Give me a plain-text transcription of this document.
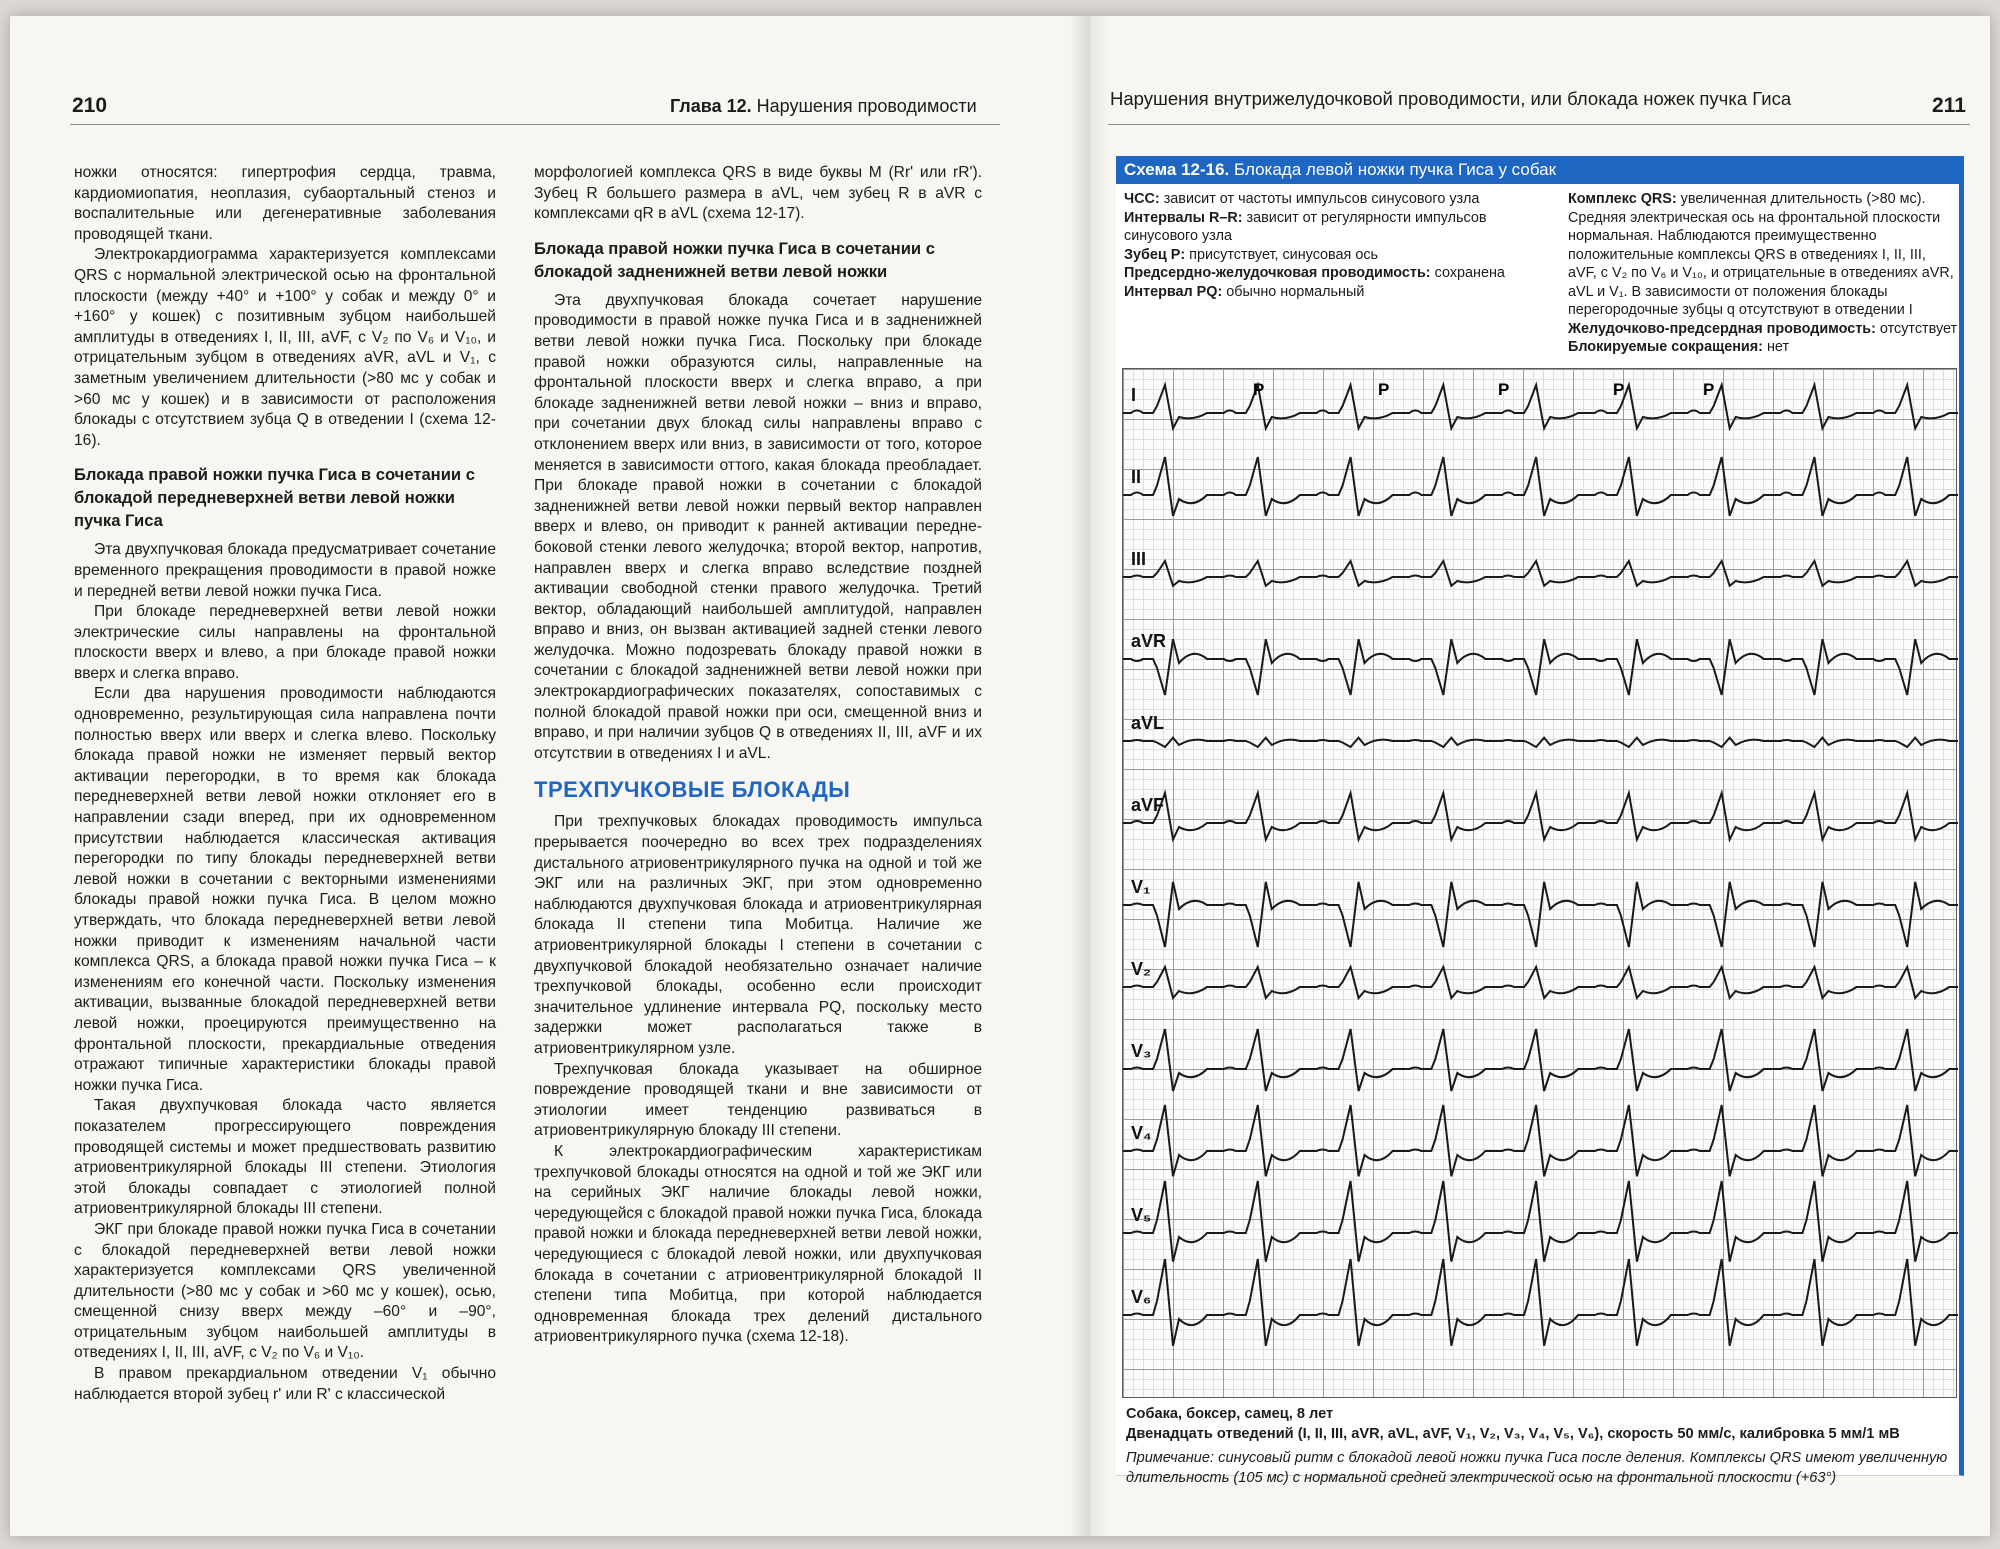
210	Глава 12. Нарушения проводимости

ножки относятся: гипертрофия сердца, травма, кардиомиопатия, неоплазия, субаортальный стеноз и воспалительные или дегенеративные заболевания проводящей ткани.

Электрокардиограмма характеризуется комплексами QRS с нормальной электрической осью на фронтальной плоскости (между +40° и +100° у собак и между 0° и +160° у кошек) с позитивным зубцом наибольшей амплитуды в отведениях I, II, III, aVF, с V₂ по V₆ и V₁₀, и отрицательным зубцом в отведениях aVR, aVL и V₁, с заметным увеличением длительности (>80 мс у собак и >60 мс у кошек) и в зависимости от расположения блокады с отсутствием зубца Q в отведении I (схема 12-16).

Блокада правой ножки пучка Гиса в сочетании с блокадой передневерхней ветви левой ножки пучка Гиса

Эта двухпучковая блокада предусматривает сочетание временного прекращения проводимости в правой ножке и передней ветви левой ножки пучка Гиса.

При блокаде передневерхней ветви левой ножки электрические силы направлены на фронтальной плоскости вверх и влево, а при блокаде правой ножки вверх и слегка вправо.

Если два нарушения проводимости наблюдаются одновременно, результирующая сила направлена почти полностью вверх или вверх и слегка влево. Поскольку блокада правой ножки не изменяет первый вектор активации перегородки, в то время как блокада передневерхней ветви левой ножки отклоняет его в направлении сзади вперед, при их одновременном присутствии наблюдается классическая активация перегородки по типу блокады передневерхней ветви левой ножки в сочетании с векторными изменениями блокады правой ножки пучка Гиса. В целом можно утверждать, что блокада передневерхней ветви левой ножки приводит к изменениям начальной части комплекса QRS, а блокада правой ножки пучка Гиса – к изменениям его конечной части. Поскольку изменения активации, вызванные блокадой передневерхней ветви левой ножки, проецируются преимущественно на фронтальной плоскости, прекардиальные отведения отражают типичные характеристики блокады правой ножки пучка Гиса.

Такая двухпучковая блокада часто является показателем прогрессирующего повреждения проводящей системы и может предшествовать развитию атриовентрикулярной блокады III степени. Этиология этой блокады совпадает с этиологией полной атриовентрикулярной блокады III степени.

ЭКГ при блокаде правой ножки пучка Гиса в сочетании с блокадой передневерхней ветви левой ножки характеризуется комплексами QRS увеличенной длительности (>80 мс у собак и >60 мс у кошек), осью, смещенной снизу вверх между –60° и –90°, отрицательным зубцом наибольшей амплитуды в отведениях I, II, III, aVF, с V₂ по V₆ и V₁₀.

В правом прекардиальном отведении V₁ обычно наблюдается второй зубец r' или R' с классической

морфологией комплекса QRS в виде буквы M (Rr' или rR'). Зубец R большего размера в aVL, чем зубец R в aVR с комплексами qR в aVL (схема 12-17).

Блокада правой ножки пучка Гиса в сочетании с блокадой задненижней ветви левой ножки

Эта двухпучковая блокада сочетает нарушение проводимости в правой ножке пучка Гиса и в задненижней ветви левой ножки пучка Гиса. Поскольку при блокаде правой ножки образуются силы, направленные на фронтальной плоскости вверх и слегка вправо, а при блокаде задненижней ветви левой ножки – вниз и вправо, при сочетании двух блокад силы направлены вправо с отклонением вверх или вниз, в зависимости от того, которое меняется в зависимости оттого, какая блокада преобладает. При блокаде правой ножки в сочетании с блокадой задненижней ветви левой ножки первый вектор направлен вверх и влево, он приводит к ранней активации передне-боковой стенки левого желудочка; второй вектор, напротив, направлен вверх и слегка вправо вследствие поздней активации свободной стенки правого желудочка. Третий вектор, обладающий наибольшей амплитудой, направлен вправо и вниз, он вызван активацией задней стенки левого желудочка. Можно подозревать блокаду правой ножки в сочетании с блокадой задненижней ветви левой ножки при электрокардиографических показателях, сопоставимых с полной блокадой правой ножки при оси, смещенной вниз и вправо, и при наличии зубцов Q в отведениях II, III, aVF и их отсутствии в отведениях I и aVL.

ТРЕХПУЧКОВЫЕ БЛОКАДЫ

При трехпучковых блокадах проводимость импульса прерывается поочередно во всех трех подразделениях дистального атриовентрикулярного пучка на одной и той же ЭКГ или на различных ЭКГ, при этом одновременно наблюдаются двухпучковая блокада и атриовентрикулярная блокада II степени типа Мобитца. Наличие же атриовентрикулярной блокады I степени в сочетании с двухпучковой блокадой необязательно означает наличие трехпучковой блокады, особенно если происходит значительное удлинение интервала PQ, поскольку место задержки может располагаться также в атриовентрикулярном узле.

Трехпучковая блокада указывает на обширное повреждение проводящей ткани и вне зависимости от этиологии имеет тенденцию развиваться в атриовентрикулярную блокаду III степени.

К электрокардиографическим характеристикам трехпучковой блокады относятся на одной и той же ЭКГ или на серийных ЭКГ наличие блокады левой ножки, чередующейся с блокадой правой ножки пучка Гиса, блокада правой ножки и блокада передневерхней ветви левой ножки, чередующиеся с блокадой левой ножки, или двухпучковая блокада в сочетании с атриовентрикулярной блокадой II степени типа Мобитца, при которой наблюдается одновременная блокада трех делений дистального атриовентрикулярного пучка (схема 12-18).

Нарушения внутрижелудочковой проводимости, или блокада ножек пучка Гиса	211
Схема 12-16. Блокада левой ножки пучка Гиса у собак
ЧСС: зависит от частоты импульсов синусового узла
Интервалы R–R: зависит от регулярности импульсов синусового узла
Зубец P: присутствует, синусовая ось
Предсердно-желудочковая проводимость: сохранена
Интервал PQ: обычно нормальный
Комплекс QRS: увеличенная длительность (>80 мс). Средняя электрическая ось на фронтальной плоскости нормальная. Наблюдаются преимущественно положительные комплексы QRS в отведениях I, II, III, aVF, с V₂ по V₆ и V₁₀, и отрицательные в отведениях aVR, aVL и V₁. В зависимости от положения блокады перегородочные зубцы q отсутствуют в отведении I
Желудочково-предсердная проводимость: отсутствует
Блокируемые сокращения: нет
I
II
III
aVR
aVL
aVF
V₁
V₂
V₃
V₄
V₅
V₆
P	P	P	P	P
Собака, боксер, самец, 8 лет
Двенадцать отведений (I, II, III, aVR, aVL, aVF, V₁, V₂, V₃, V₄, V₅, V₆), скорость 50 мм/с, калибровка 5 мм/1 мВ
Примечание: синусовый ритм с блокадой левой ножки пучка Гиса после деления. Комплексы QRS имеют увеличенную длительность (105 мс) с нормальной средней электрической осью на фронтальной плоскости (+63°)
